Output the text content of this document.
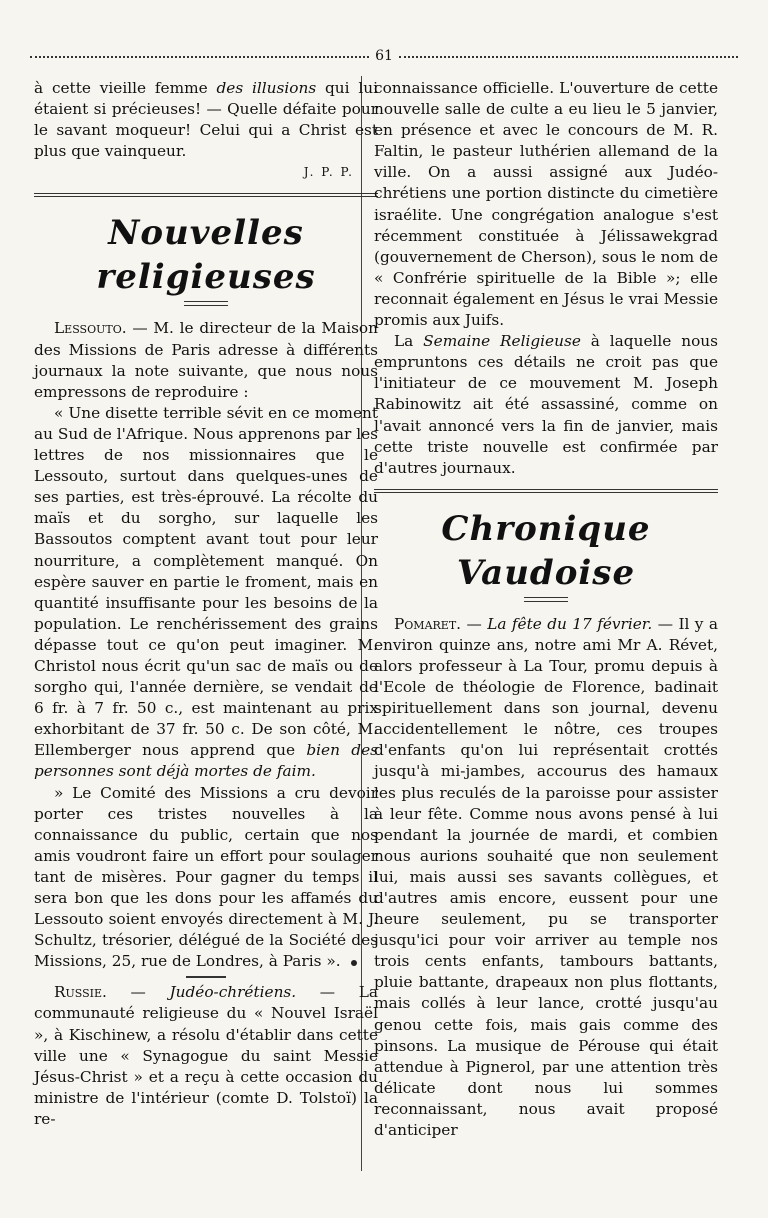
61

à cette vieille femme des illusions qui lui étaient si précieuses! — Quelle défaite pour le savant moqueur! Celui qui a Christ est plus que vainqueur.

J. P. P.

Nouvelles religieuses

Lessouto. — M. le directeur de la Maison des Missions de Paris adresse à différents journaux la note suivante, que nous nous empressons de reproduire :

« Une disette terrible sévit en ce moment au Sud de l'Afrique. Nous apprenons par les lettres de nos missionnaires que le Lessouto, surtout dans quelques-unes de ses parties, est très-éprouvé. La récolte du maïs et du sorgho, sur laquelle les Bassoutos comptent avant tout pour leur nourriture, a complètement manqué. On espère sauver en partie le froment, mais en quantité insuffisante pour les besoins de la population. Le renchérissement des grains dépasse tout ce qu'on peut imaginer. M. Christol nous écrit qu'un sac de maïs ou de sorgho qui, l'année dernière, se vendait de 6 fr. à 7 fr. 50 c., est maintenant au prix exhorbitant de 37 fr. 50 c. De son côté, M. Ellemberger nous apprend que bien des personnes sont déjà mortes de faim.

» Le Comité des Missions a cru devoir porter ces tristes nouvelles à la connaissance du public, certain que nos amis voudront faire un effort pour soulager tant de misères. Pour gagner du temps il sera bon que les dons pour les affamés du Lessouto soient envoyés directement à M. J. Schultz, trésorier, délégué de la Société des Missions, 25, rue de Londres, à Paris ».

Russie. — Judéo-chrétiens. — La communauté religieuse du « Nouvel Israël », à Kischinew, a résolu d'établir dans cette ville une « Synagogue du saint Messie Jésus-Christ » et a reçu à cette occasion du ministre de l'intérieur (comte D. Tolstoï) la re-

connaissance officielle. L'ouverture de cette nouvelle salle de culte a eu lieu le 5 janvier, en présence et avec le concours de M. R. Faltin, le pasteur luthérien allemand de la ville. On a aussi assigné aux Judéo-chrétiens une portion distincte du cimetière israélite. Une congrégation analogue s'est récemment constituée à Jélissawekgrad (gouvernement de Cherson), sous le nom de « Confrérie spirituelle de la Bible »; elle reconnait également en Jésus le vrai Messie promis aux Juifs.

La Semaine Religieuse à laquelle nous empruntons ces détails ne croit pas que l'initiateur de ce mouvement M. Joseph Rabinowitz ait été assassiné, comme on l'avait annoncé vers la fin de janvier, mais cette triste nouvelle est confirmée par d'autres journaux.

Chronique Vaudoise

Pomaret. — La fête du 17 février. — Il y a environ quinze ans, notre ami Mr A. Révet, alors professeur à La Tour, promu depuis à l'Ecole de théologie de Florence, badinait spirituellement dans son journal, devenu accidentellement le nôtre, ces troupes d'enfants qu'on lui représentait crottés jusqu'à mi-jambes, accourus des hamaux les plus reculés de la paroisse pour assister à leur fête. Comme nous avons pensé à lui pendant la journée de mardi, et combien nous aurions souhaité que non seulement lui, mais aussi ses savants collègues, et d'autres amis encore, eussent pour une heure seulement, pu se transporter jusqu'ici pour voir arriver au temple nos trois cents enfants, tambours battants, pluie battante, drapeaux non plus flottants, mais collés à leur lance, crotté jusqu'au genou cette fois, mais gais comme des pinsons. La musique de Pérouse qui était attendue à Pignerol, par une attention très délicate dont nous lui sommes reconnaissant, nous avait proposé d'anticiper
